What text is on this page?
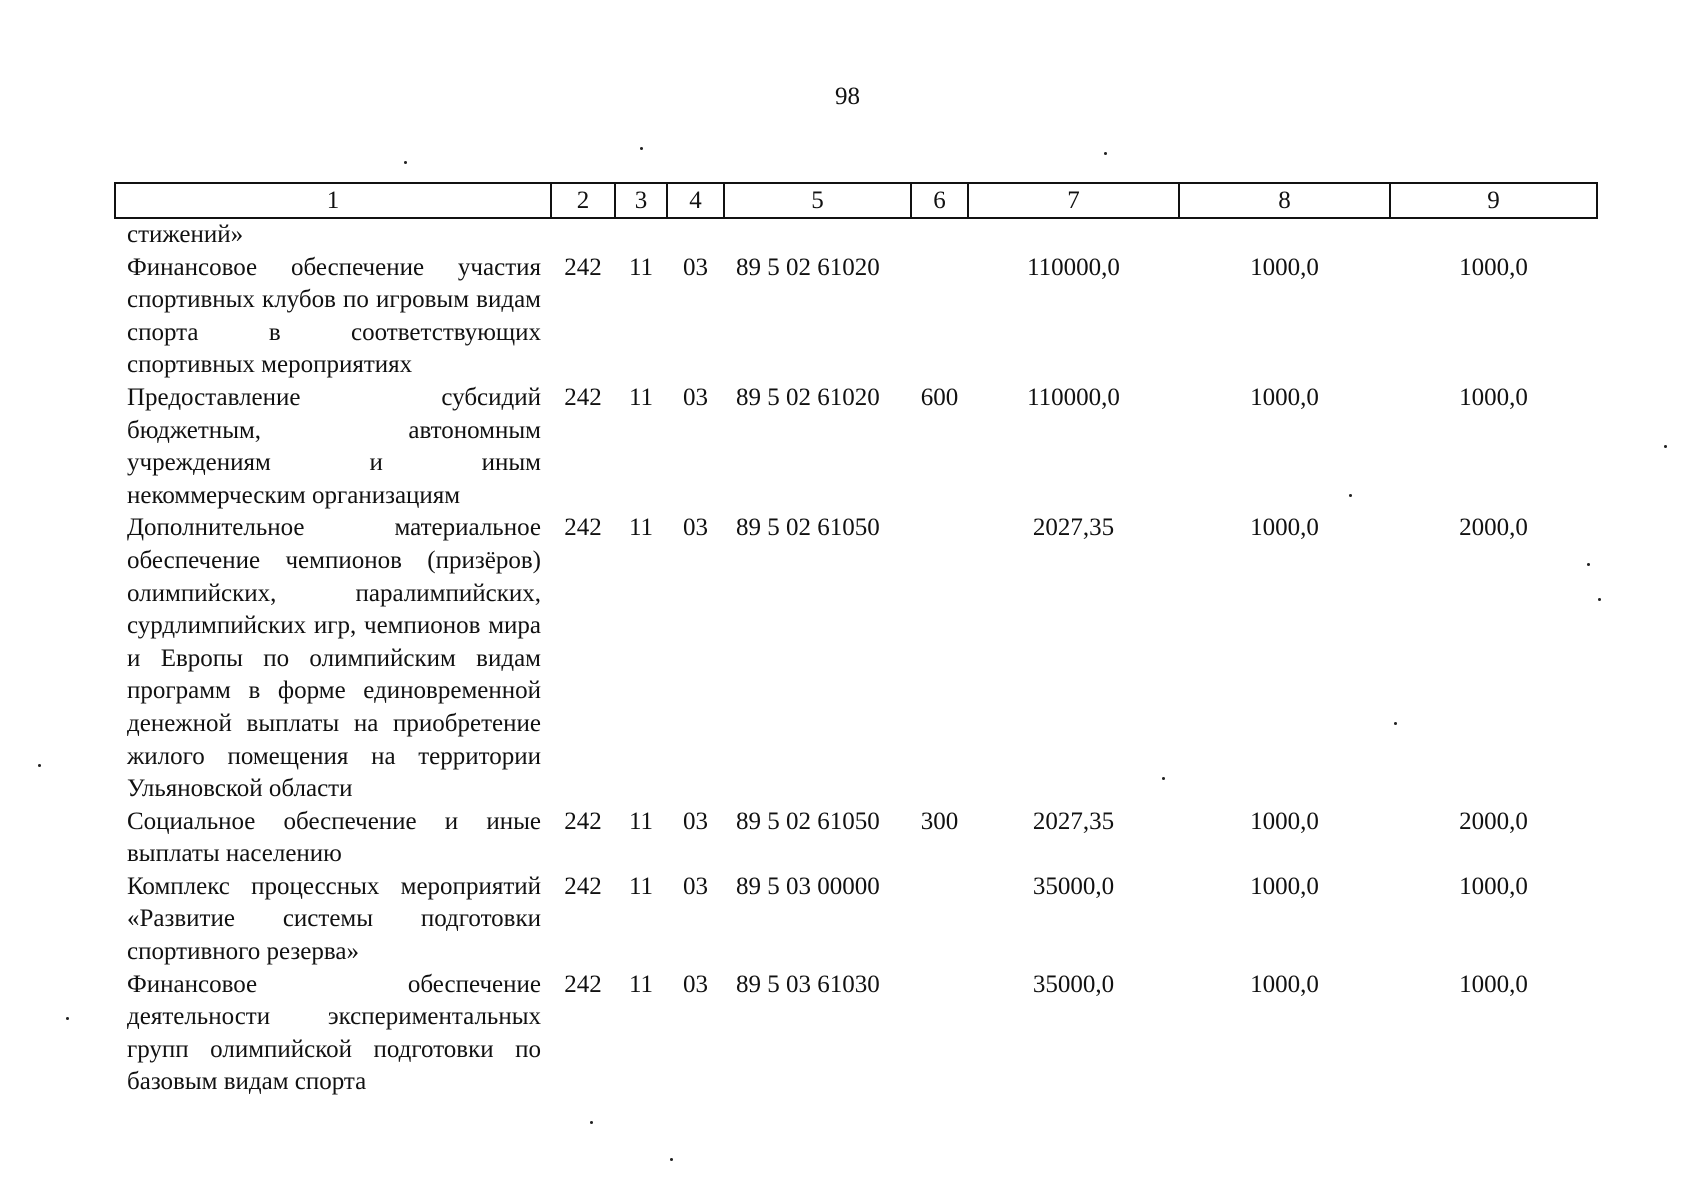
98
1	2	3	4	5	6	7	8	9
стижений»								
Финансовое обеспечение участия спортивных клубов по игровым видам спорта в соответствующих спортивных мероприятиях	242	11	03	89 5 02 61020		110000,0	1000,0	1000,0
Предоставление субсидий бюджетным, автономным учреждениям и иным некоммерческим организациям	242	11	03	89 5 02 61020	600	110000,0	1000,0	1000,0
Дополнительное материальное обеспечение чемпионов (призёров) олимпийских, паралимпийских, сурдлимпийских игр, чемпионов мира и Европы по олимпийским видам программ в форме единовременной денежной выплаты на приобретение жилого помещения на территории Ульяновской области	242	11	03	89 5 02 61050		2027,35	1000,0	2000,0
Социальное обеспечение и иные выплаты населению	242	11	03	89 5 02 61050	300	2027,35	1000,0	2000,0
Комплекс процессных мероприятий «Развитие системы подготовки спортивного резерва»	242	11	03	89 5 03 00000		35000,0	1000,0	1000,0
Финансовое обеспечение деятельности экспериментальных групп олимпийской подготовки по базовым видам спорта	242	11	03	89 5 03 61030		35000,0	1000,0	1000,0
